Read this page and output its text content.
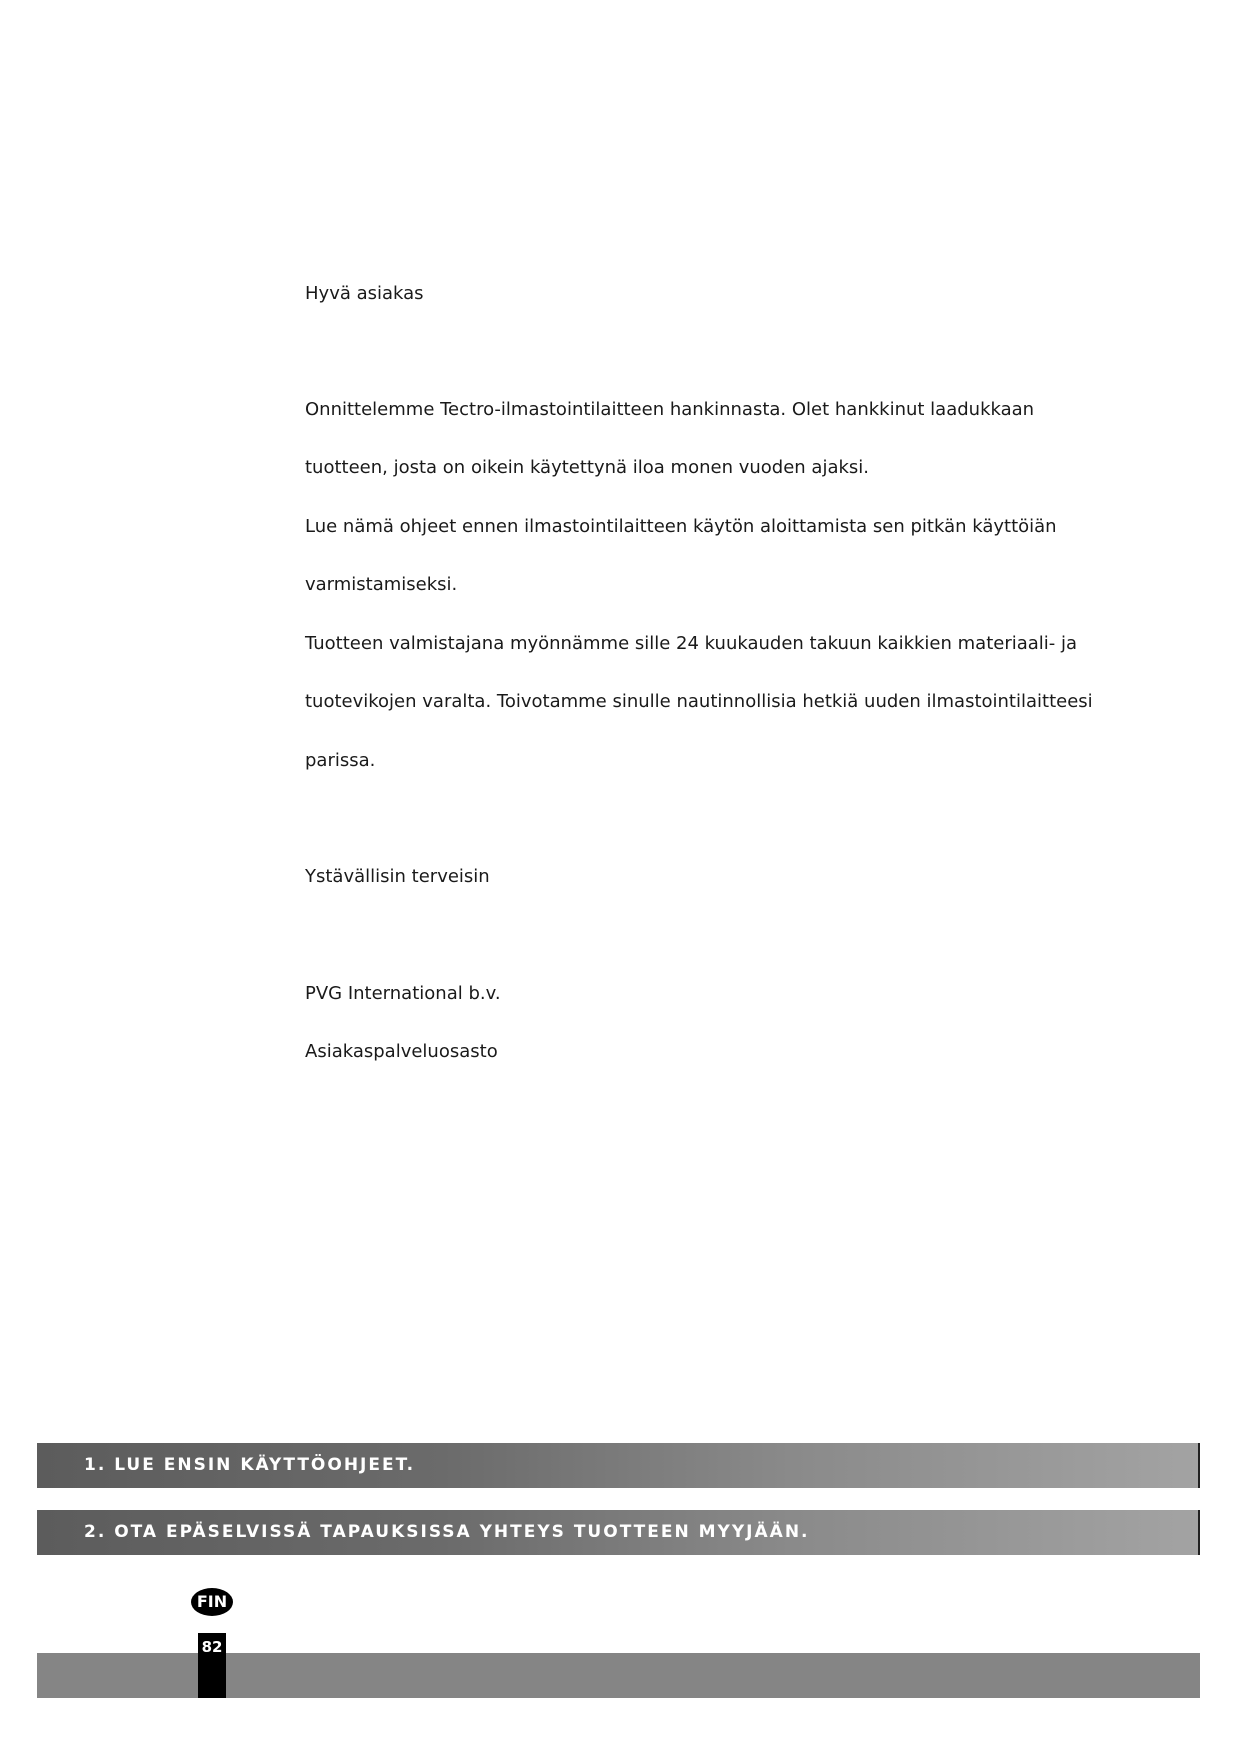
Hyvä asiakas
Onnittelemme Tectro-ilmastointilaitteen hankinnasta. Olet hankkinut laadukkaan
tuotteen, josta on oikein käytettynä iloa monen vuoden ajaksi.
Lue nämä ohjeet ennen ilmastointilaitteen käytön aloittamista sen pitkän käyttöiän
varmistamiseksi.
Tuotteen valmistajana myönnämme sille 24 kuukauden takuun kaikkien materiaali- ja
tuotevikojen varalta. Toivotamme sinulle nautinnollisia hetkiä uuden ilmastointilaitteesi
parissa.
Ystävällisin terveisin
PVG International b.v.
Asiakaspalveluosasto
1. LUE ENSIN KÄYTTÖOHJEET.
2. OTA EPÄSELVISSÄ TAPAUKSISSA YHTEYS TUOTTEEN MYYJÄÄN.
FIN
82
